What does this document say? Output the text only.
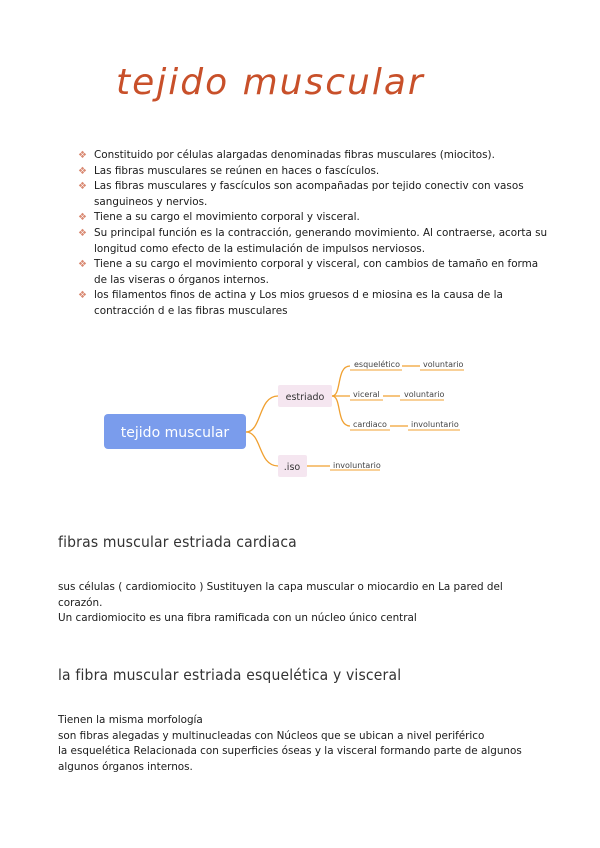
tejido muscular
❖ Constituido por células alargadas denominadas fibras musculares (miocitos).
❖ Las fibras musculares se reúnen en haces o fascículos.
❖ Las fibras musculares y fascículos son acompañadas por tejido conectiv con vasos sanguineos y nervios.
❖ Tiene a su cargo el movimiento corporal y visceral.
❖ Su principal función es la contracción, generando movimiento. Al contraerse, acorta su longitud como efecto de la estimulación de impulsos nerviosos.
❖ Tiene a su cargo el movimiento corporal y visceral, con cambios de tamaño en forma de las viseras o órganos internos.
❖ los filamentos finos de actina y Los mios gruesos d e miosina es la causa de la contracción d e las fibras musculares
tejido muscular
estriado
.iso
esquelético	voluntario
viceral	voluntario
cardiaco	involuntario
involuntario
fibras muscular estriada cardiaca

sus células ( cardiomiocito ) Sustituyen la capa muscular o miocardio en La pared del corazón.

Un cardiomiocito es una fibra ramificada con un núcleo único central

la fibra muscular estriada esquelética y visceral

Tienen la misma morfología

son fibras alegadas y multinucleadas con Núcleos que se ubican a nivel periférico

la esquelética Relacionada con superficies óseas y la visceral formando parte de algunos algunos órganos internos.
